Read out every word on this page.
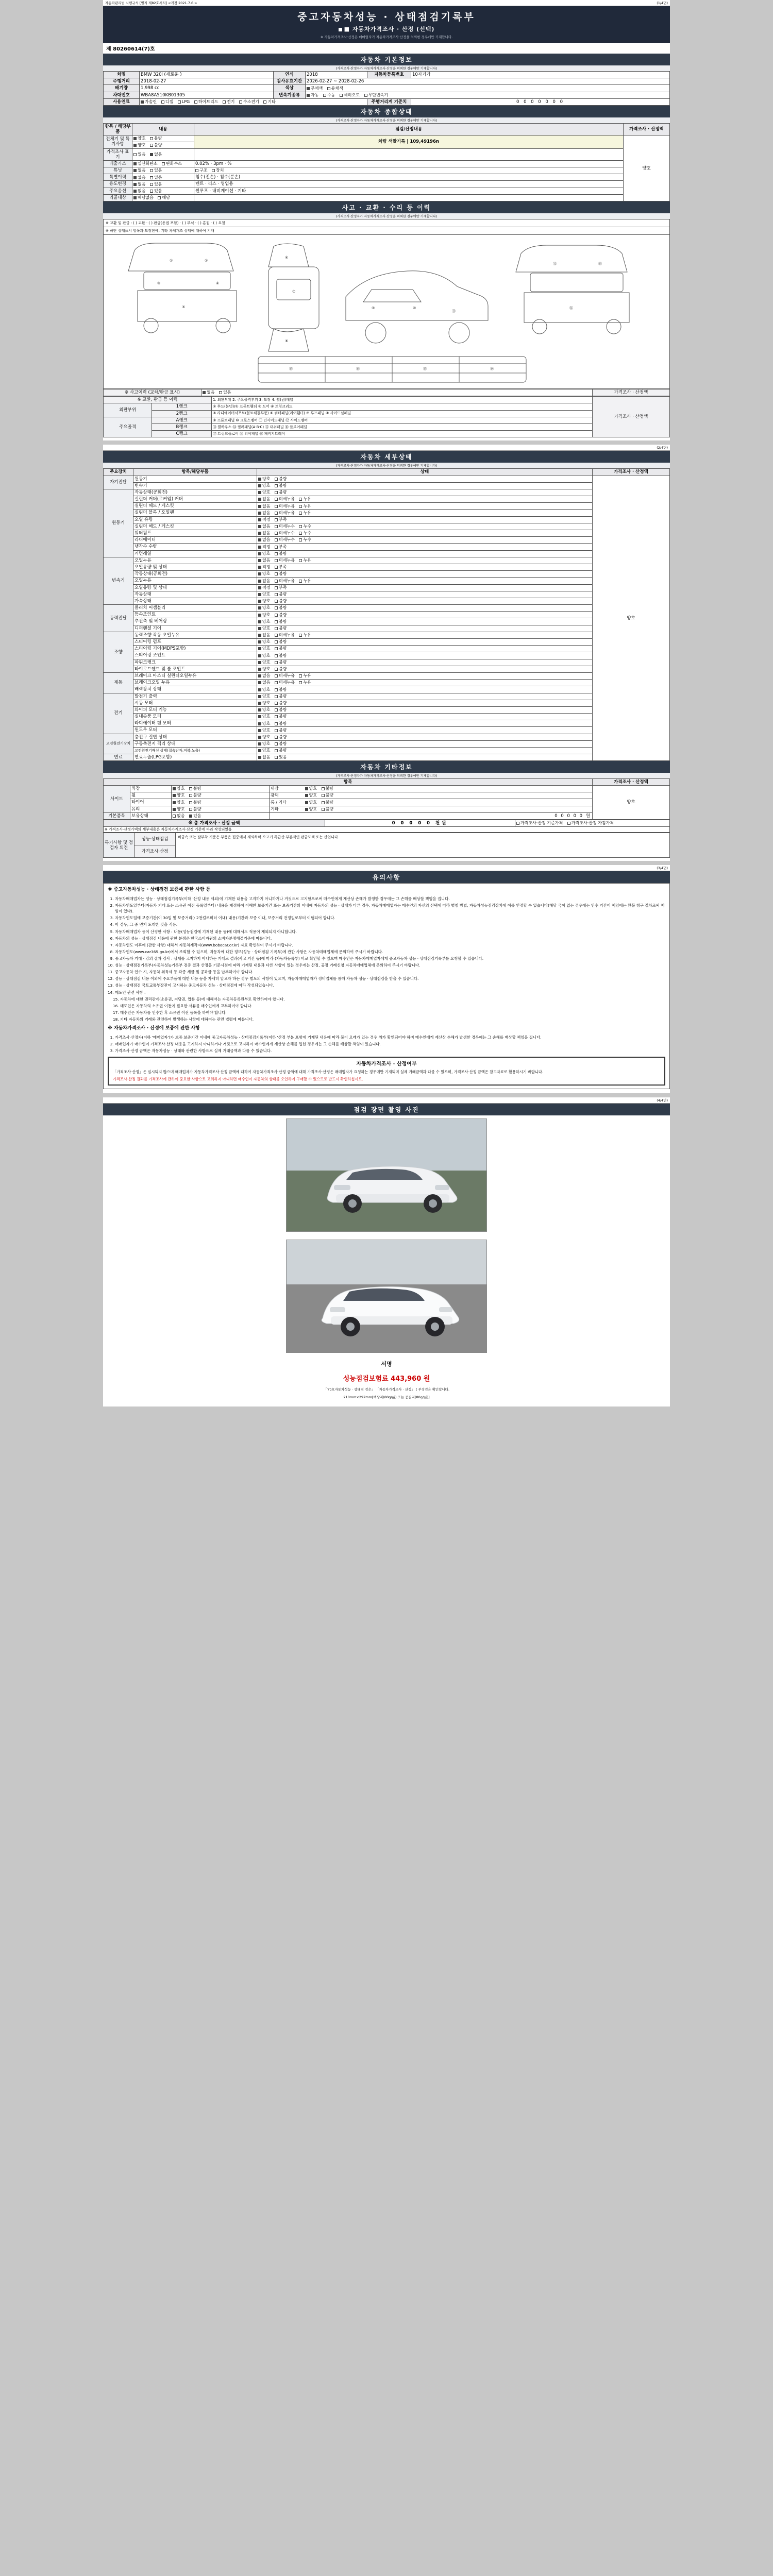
자동차관리법 시행규칙 [별지 제82호서식] <개정 2021.7.6.>	(1/4면)
중고자동차성능 · 상태점검기록부
■ 자동차가격조사 · 산정 (선택)
※ 자동차가격조사·산정은 매매업자가 자동차가격조사·산정을 의뢰한 경우에만 기재합니다.
제 80260614(7)호
자동차 기본정보
(가격조사·산정자가 자동차가격조사·산정을 의뢰한 경우에만 기재합니다)
차명	BMW 320i (새로운 )	연식	2018	자동차등록번호	10자기가
주행거리	2018-02-27	검사유효기간	2026-02-27 ~ 2028-02-26		
배기량	1,998 cc	색상	무채색 유채색		
차대번호	WBA8A510KB01305	변속기종류	자동 수동 세미오토 무단변속기		
사용연료	가솔린 디젤 LPG 하이브리드 전기 수소전기 기타			주행거리계 기준치	0 0 0 0 0 0 0
자동차 종합상태
(가격조사·산정자가 자동차가격조사·산정을 의뢰한 경우에만 기재합니다)
항목 / 해당부품	내용	점검/산정내용	가격조사 · 산정액
전체기 및 특기사항	양호 불량	차량 색깔기록 | 109,49196n	양호
	양호 불량		
가격조사 표기	있음 없음		
배출가스	일산화탄소 탄화수소	0.02% · 3pm · %	
튜닝	없음 있음	구조 장치	
특별이력	없음 있음	침수(전손) · 침수(분손)	
용도변경	없음 있음	렌트 · 리스 · 영업용	
주요옵션	없음 있음	썬루프 · 내비게이션 · 기타	
리콜대상	해당없음 해당		
사고 · 교환 · 수리 등 이력
(가격조사·산정자가 자동차가격조사·산정을 의뢰한 경우에만 기재합니다)
※ 교환 및 판금 : ( ) 교환 · ( ) 판금(용접 포함) · ( ) 부식 · ( ) 흠집 · ( ) 요철
※ 하단 상태표시 항목과 도장판에, 기타 차체개조 상태에 대하여 기재
①	②
③	④
⑤
⑥
⑦
⑧
⑨	⑩
⑪
⑫	⑬
⑭
⑮	⑯	⑰	⑱
※ 사고이력 (교차/판금 표시)	없음 있음	가격조사 · 산정액
※ 교환, 판금 등 이력		1. 외판부위 2. 주요골격부위 3. 도장 4. 휠(림)패널	가격조사 · 산정액
외판부위	1랭크	① 후드(본넷)/① 프론트휀더 ② 도어 ④ 트렁크리드	
	2랭크	⑤ 라디에이터서포트(볼트체결부품) ⑥ 쿼터패널(리어휀더) ⑦ 루프패널 ⑧ 사이드실패널	
주요골격	A랭크	⑨ 프론트패널 ⑩ 크로스멤버 ⑪ 인사이드패널 ⑫ 사이드멤버	
	B랭크	⑬ 휠하우스 ⑭ 필러패널(A·B·C) ⑮ 대쉬패널 ⑯ 플로어패널	
	C랭크	⑰ 트렁크플로어 ⑱ 리어패널 ⑲ 패키지트레이	
(2/4면)
자동차 세부상태
(가격조사·산정자가 자동차가격조사·산정을 의뢰한 경우에만 기재합니다)
주요장치	항목/해당부품	상태	가격조사 · 산정액
자기진단	원동기	양호 불량	양호
	변속기	양호 불량	
원동기	작동상태(공회전)	양호 불량	
	실린더 커버(로커암) 커버	없음 미세누유 누유	
	실린더 헤드 / 게스킷	없음 미세누유 누유	
	실린더 블록 / 오일팬	없음 미세누유 누유	
	오일 유량	적정 부족	
	실린더 헤드 / 게스킷	없음 미세누수 누수	
	워터펌프	없음 미세누수 누수	
	라디에이터	없음 미세누수 누수	
	냉각수 수량	적정 부족	
	커먼레일	양호 불량	
변속기	오일누유	없음 미세누유 누유	
	오일유량 및 상태	적정 부족	
	작동상태(공회전)	양호 불량	
	오일누유	없음 미세누유 누유	
	오일유량 및 상태	적정 부족	
	작동상태	양호 불량	
	가속상태	양호 불량	
동력전달	클러치 어셈블리	양호 불량	
	등속조인트	양호 불량	
	추진축 및 베어링	양호 불량	
	디퍼렌셜 기어	양호 불량	
조향	동력조향 작동 오일누유	없음 미세누유 누유	
	스티어링 펌프	양호 불량	
	스티어링 기어(MDPS포함)	양호 불량	
	스티어링 조인트	양호 불량	
	파워크랭크	양호 불량	
	타이로드엔드 및 볼 조인트	양호 불량	
제동	브레이크 마스터 실린더오일누유	없음 미세누유 누유	
	브레이크오일 누유	없음 미세누유 누유	
	배력장치 상태	양호 불량	
전기	발전기 출력	양호 불량	
	시동 모터	양호 불량	
	와이퍼 모터 기능	양호 불량	
	실내송풍 모터	양호 불량	
	라디에이터 팬 모터	양호 불량	
	윈도우 모터	양호 불량	
고전원전기장치	충전구 절연 상태	양호 불량	
	구동축전지 격리 상태	양호 불량	
	고전원전기배선 상태(접속단자,피복,노출)	양호 불량	
연료	연료누출(LPG포함)	없음 있음	
자동차 기타정보
(가격조사·산정자가 자동차가격조사·산정을 의뢰한 경우에만 기재합니다)
항목				가격조사 · 산정액
사이드	외장	양호 불량	내장 양호 불량	양호
	휠	양호 불량	광택 양호 불량	
	타이어	양호 불량	룸 / 기타 양호 불량	
	유리	양호 불량	기타 양호 불량	
기본품목	보유상태	없음 있음	0 0 0 0 0 원	
※ 총 가격조사 · 산정 금액	0 0 0 0 0 천원	가격조사·산정 기준가격 가격조사·산정 가감가격
※ 가격조사·산정가액의 세부내용은 자동차가격조사·산정 기준에 따라 작성되었음
특기사항 및 점검자 의견	성능·상태점검	비금속 또는 탈부착 기준은 부품은 집중에서 제외하며 오고기 특급산 부분적인 판금도색 또는 산업니다
가격조사·산정
(3/4면)
유의사항
※ 중고자동차성능 · 상태점검 보증에 관한 사항 등
1. 자동차매매업자는 성능 · 상태점검기록부(이하 '산정 내용 제외)에 기재한 내용을 고지하지 아니하거나 거짓으로 고지함으로써 매수인에게 재산상 손해가 발생한 경우에는 그 손해를 배상할 책임을 집니다.
2. 자동차인도일부터(자동차 거래 또는 소유권 이전 등록일부터) 내용을 재정하여 이해한 보증기간 또는 보증기간의 이내에 자동차의 성능 · 상태가 다른 경우, 자동차매매업자는 매수인의 자신의 선택에 따라 별첨 방법, 자동차성능점검장치에 이를 인정할 수 있습니다(해당 국이 없는 경우에는 인수 기간이 책임에는 환불 청구 절차로써 책임이 있다).
3. 자동차인도일에 보증기간(이 30일 및 보증거리(: 2천킬로미터 이내) 내용(기간과 보증 이내, 보증거리 건정일로부터 이행되어 합니다.
4. 이 경우, 그 중 먼저 도래한 것을 적용.
5. 자동차매매업자 등이 산정한 사항 : 내용(성능점검에 기재된 내용 등)에 대해서도 적용이 제외되지 아니합니다.
6. 자동차의 성능 · 상태점검 내용에 관한 분쟁은 한국소비자원의 소비자분쟁해결기준에 따릅니다.
7. 자동차인도 이후에 (관한 사항) 대해서 자동차제작자(www.bobocar.or.kr) 자료 확인하여 주시기 바랍니다.
8. 자동차인도(www.car365.go.kr)에서 조회할 수 있으며, 자동차에 대한 정보(성능 · 상태점검 기록부)에 관한 사항은 자동차매매업체에 문의하여 주시기 바랍니다.
9. 중고자동차 거래 · 강의 절차 검사 : 상세를 고지하지 아니하는 거래로 결과(사고 거간 등)에 따라 (자동차등록부) 비로 확인할 수 있으며 매수인은 자동차매매업자에게 중고자동차 성능 · 상태점검기록부를 요청할 수 있습니다.
10. 성능 · 상태점검기록부(자동차성능기록부 검증 결과 산정을 기준시점에 따라 기재된 내용과 다른 사항이 있는 경우에는 산정, 공정 거래신청 자동차매매업체에 문의하여 주시기 바랍니다.
11. 중고자동차 인수 시, 자동차 취득세 등 각종 세금 및 공과금 등을 납부하여야 합니다.
12. 성능 · 상태점검 내용 이외에 주요부품에 대한 내용 등을 자세히 알고자 하는 경우 별도의 사항이 있으며, 자동차매매업자가 정비업체를 통해 자동차 성능 · 상태점검을 받을 수 있습니다.
13. 성능 · 상태점검 국토교통부장관이 고시하는 중고자동차 성능 · 상태점검에 따라 작성되었습니다.
14. 매도인 관련 사항 :
15. 자동차에 대한 권리관계(소유권, 저당권, 압류 등)에 대해서는 자동차등록원부로 확인하여야 합니다.
16. 매도인은 자동차의 소유권 이전에 필요한 서류를 매수인에게 교부하여야 합니다.
17. 매수인은 자동차를 인수한 후 소유권 이전 등록을 하여야 합니다.
18. 기타 자동차의 거래와 관련하여 발생하는 사항에 대하여는 관련 법령에 따릅니다.
※ 자동차가격조사 · 산정에 보증에 관한 사항
1. 가격조사·산정자(이하 '매매업자')가 보증 보증기간 이내에 중고자동차성능 · 상태점검기록부(이하 '산정 부분 포함에 기재된 내용에 따라 불이 오래가 있는 경우 취가 확인되어야 하며 매수인에게 재산상 손해가 발생한 경우에는 그 손해를 배상할 책임을 집니다.
2. 매매업자가 매수인이 가격조사·산정 내용을 고지하지 아니하거나 거짓으로 고지하여 매수인에게 재산상 손해를 입힌 경우에는 그 손해를 배상할 책임이 있습니다.
3. 가격조사·산정 금액은 자동차성능 · 상태와 관련한 사항으로 실제 거래금액과 다를 수 있습니다.
자동차가격조사 · 산정여부
「가격조사·산정」은 실시되지 않으며 매매업자가 자동차가격조사·산정 금액에 대하여 자동차가격조사·산정 금액에 대해 가격조사·산정은 매매업자가 요청하는 경우에만 기재되며 실제 거래금액과 다를 수 있으며, 가격조사·산정 금액은 참고자료로 활용하시기 바랍니다.
가격조사·산정 결과를 가격조사에 관하여 중요한 사항으로 고려하지 아니하면 매수인이 자동차의 상태를 오인하여 구매할 수 있으므로 반드시 확인하십시오.
(4/4면)
점검 장면 촬영 사진
서명
성능점검보험료 443,960 원
「ㅜ)호자동차성능 · 상태점 검은」 「자동차가격조사 · 산정」 ( 부정검은 확인합니다.
210mm×297mm[백상지(80g/㎡) 또는 중질지(80g/㎡)]
